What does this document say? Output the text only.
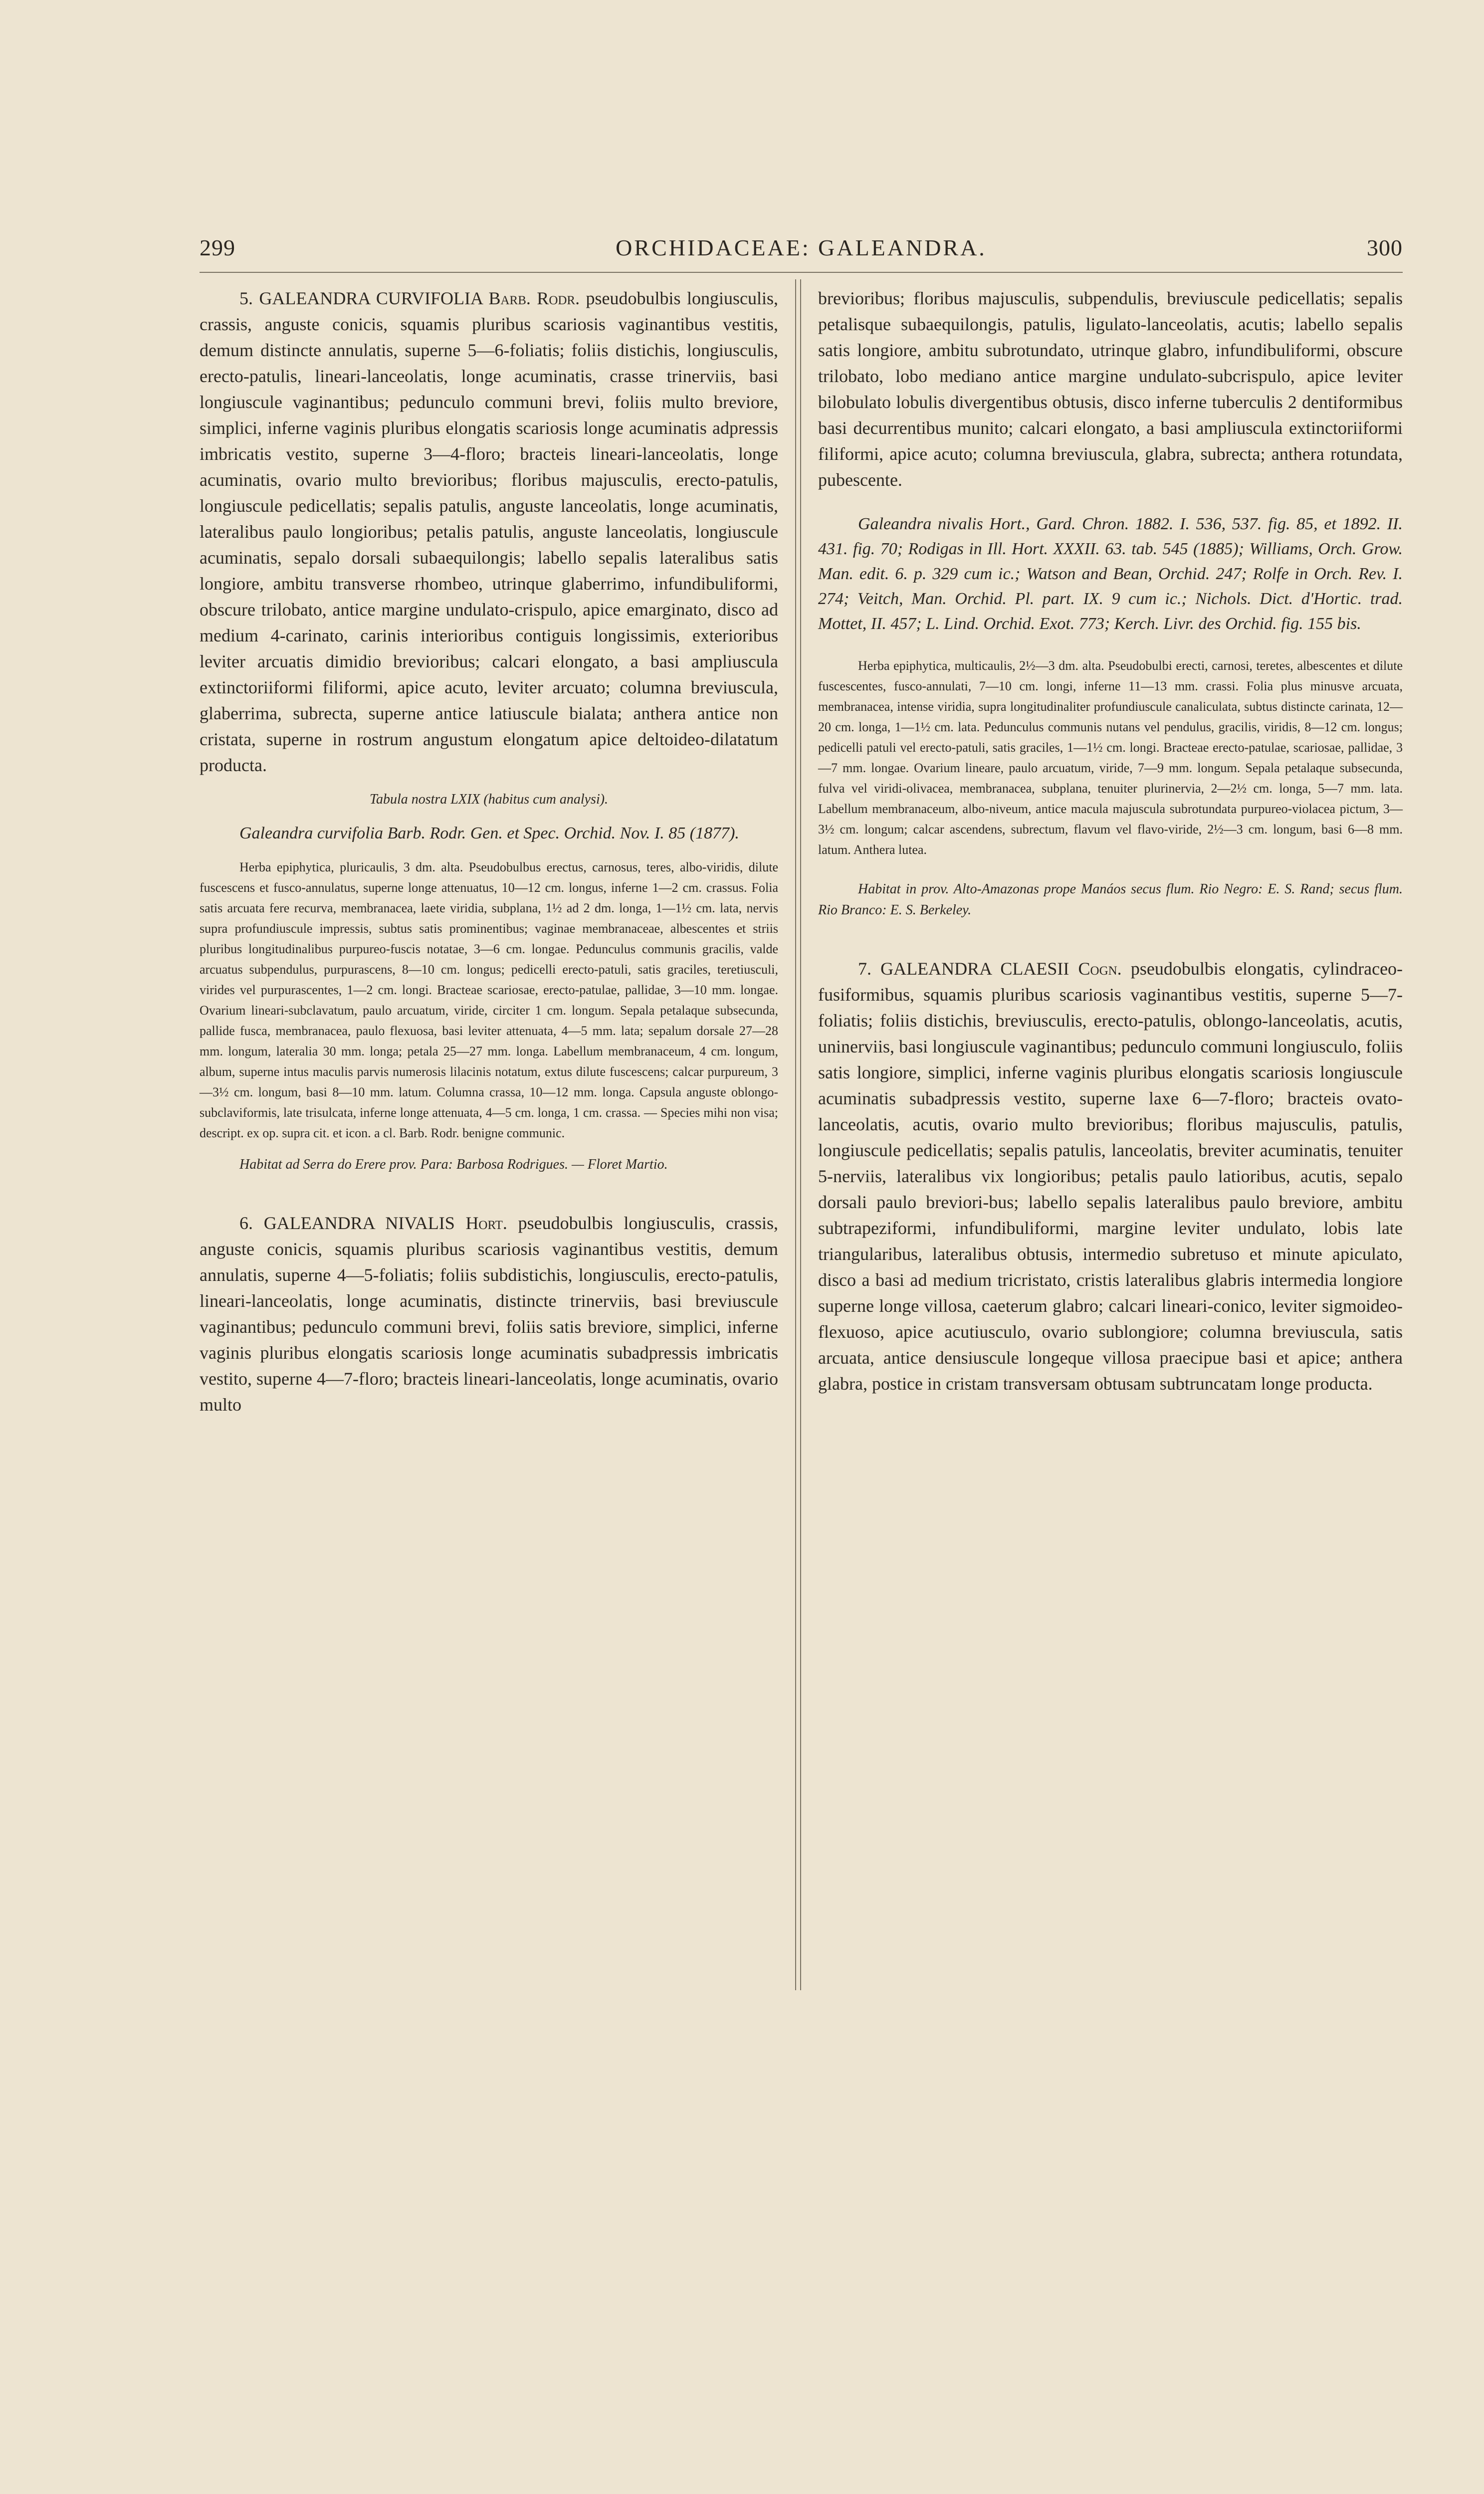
299	ORCHIDACEAE: GALEANDRA.	300

5. GALEANDRA CURVIFOLIA Barb. Rodr. pseudobulbis longiusculis, crassis, anguste conicis, squamis pluribus scariosis vaginantibus vestitis, demum distincte annulatis, superne 5—6-foliatis; foliis distichis, longiusculis, erecto-patulis, lineari-lanceolatis, longe acuminatis, crasse trinerviis, basi longiuscule vaginantibus; pedunculo communi brevi, foliis multo breviore, simplici, inferne vaginis pluribus elongatis scariosis longe acuminatis adpressis imbricatis vestito, superne 3—4-floro; bracteis lineari-lanceolatis, longe acuminatis, ovario multo brevioribus; floribus majusculis, erecto-patulis, longiuscule pedicellatis; sepalis patulis, anguste lanceolatis, longe acuminatis, lateralibus paulo longioribus; petalis patulis, anguste lanceolatis, longiuscule acuminatis, sepalo dorsali subaequilongis; labello sepalis lateralibus satis longiore, ambitu transverse rhombeo, utrinque glaberrimo, infundibuliformi, obscure trilobato, antice margine undulato-crispulo, apice emarginato, disco ad medium 4-carinato, carinis interioribus contiguis longissimis, exterioribus leviter arcuatis dimidio brevioribus; calcari elongato, a basi ampliuscula extinctoriiformi filiformi, apice acuto, leviter arcuato; columna breviuscula, glaberrima, subrecta, superne antice latiuscule bialata; anthera antice non cristata, superne in rostrum angustum elongatum apice deltoideo-dilatatum producta.

Tabula nostra LXIX (habitus cum analysi).

Galeandra curvifolia Barb. Rodr. Gen. et Spec. Orchid. Nov. I. 85 (1877).

Herba epiphytica, pluricaulis, 3 dm. alta. Pseudobulbus erectus, carnosus, teres, albo-viridis, dilute fuscescens et fusco-annulatus, superne longe attenuatus, 10—12 cm. longus, inferne 1—2 cm. crassus. Folia satis arcuata fere recurva, membranacea, laete viridia, subplana, 1½ ad 2 dm. longa, 1—1½ cm. lata, nervis supra profundiuscule impressis, subtus satis prominentibus; vaginae membranaceae, albescentes et striis pluribus longitudinalibus purpureo-fuscis notatae, 3—6 cm. longae. Pedunculus communis gracilis, valde arcuatus subpendulus, purpurascens, 8—10 cm. longus; pedicelli erecto-patuli, satis graciles, teretiusculi, virides vel purpurascentes, 1—2 cm. longi. Bracteae scariosae, erecto-patulae, pallidae, 3—10 mm. longae. Ovarium lineari-subclavatum, paulo arcuatum, viride, circiter 1 cm. longum. Sepala petalaque subsecunda, pallide fusca, membranacea, paulo flexuosa, basi leviter attenuata, 4—5 mm. lata; sepalum dorsale 27—28 mm. longum, lateralia 30 mm. longa; petala 25—27 mm. longa. Labellum membranaceum, 4 cm. longum, album, superne intus maculis parvis numerosis lilacinis notatum, extus dilute fuscescens; calcar purpureum, 3—3½ cm. longum, basi 8—10 mm. latum. Columna crassa, 10—12 mm. longa. Capsula anguste oblongo-subclaviformis, late trisulcata, inferne longe attenuata, 4—5 cm. longa, 1 cm. crassa. — Species mihi non visa; descript. ex op. supra cit. et icon. a cl. Barb. Rodr. benigne communic.

Habitat ad Serra do Erere prov. Para: Barbosa Rodrigues. — Floret Martio.

6. GALEANDRA NIVALIS Hort. pseudobulbis longiusculis, crassis, anguste conicis, squamis pluribus scariosis vaginantibus vestitis, demum annulatis, superne 4—5-foliatis; foliis subdistichis, longiusculis, erecto-patulis, lineari-lanceolatis, longe acuminatis, distincte trinerviis, basi breviuscule vaginantibus; pedunculo communi brevi, foliis satis breviore, simplici, inferne vaginis pluribus elongatis scariosis longe acuminatis subadpressis imbricatis vestito, superne 4—7-floro; bracteis lineari-lanceolatis, longe acuminatis, ovario multo

brevioribus; floribus majusculis, subpendulis, breviuscule pedicellatis; sepalis petalisque subaequilongis, patulis, ligulato-lanceolatis, acutis; labello sepalis satis longiore, ambitu subrotundato, utrinque glabro, infundibuliformi, obscure trilobato, lobo mediano antice margine undulato-subcrispulo, apice leviter bilobulato lobulis divergentibus obtusis, disco inferne tuberculis 2 dentiformibus basi decurrentibus munito; calcari elongato, a basi ampliuscula extinctoriiformi filiformi, apice acuto; columna breviuscula, glabra, subrecta; anthera rotundata, pubescente.

Galeandra nivalis Hort., Gard. Chron. 1882. I. 536, 537. fig. 85, et 1892. II. 431. fig. 70; Rodigas in Ill. Hort. XXXII. 63. tab. 545 (1885); Williams, Orch. Grow. Man. edit. 6. p. 329 cum ic.; Watson and Bean, Orchid. 247; Rolfe in Orch. Rev. I. 274; Veitch, Man. Orchid. Pl. part. IX. 9 cum ic.; Nichols. Dict. d'Hortic. trad. Mottet, II. 457; L. Lind. Orchid. Exot. 773; Kerch. Livr. des Orchid. fig. 155 bis.

Herba epiphytica, multicaulis, 2½—3 dm. alta. Pseudobulbi erecti, carnosi, teretes, albescentes et dilute fuscescentes, fusco-annulati, 7—10 cm. longi, inferne 11—13 mm. crassi. Folia plus minusve arcuata, membranacea, intense viridia, supra longitudinaliter profundiuscule canaliculata, subtus distincte carinata, 12—20 cm. longa, 1—1½ cm. lata. Pedunculus communis nutans vel pendulus, gracilis, viridis, 8—12 cm. longus; pedicelli patuli vel erecto-patuli, satis graciles, 1—1½ cm. longi. Bracteae erecto-patulae, scariosae, pallidae, 3—7 mm. longae. Ovarium lineare, paulo arcuatum, viride, 7—9 mm. longum. Sepala petalaque subsecunda, fulva vel viridi-olivacea, membranacea, subplana, tenuiter plurinervia, 2—2½ cm. longa, 5—7 mm. lata. Labellum membranaceum, albo-niveum, antice macula majuscula subrotundata purpureo-violacea pictum, 3—3½ cm. longum; calcar ascendens, subrectum, flavum vel flavo-viride, 2½—3 cm. longum, basi 6—8 mm. latum. Anthera lutea.

Habitat in prov. Alto-Amazonas prope Manáos secus flum. Rio Negro: E. S. Rand; secus flum. Rio Branco: E. S. Berkeley.

7. GALEANDRA CLAESII Cogn. pseudobulbis elongatis, cylindraceo-fusiformibus, squamis pluribus scariosis vaginantibus vestitis, superne 5—7-foliatis; foliis distichis, breviusculis, erecto-patulis, oblongo-lanceolatis, acutis, uninerviis, basi longiuscule vaginantibus; pedunculo communi longiusculo, foliis satis longiore, simplici, inferne vaginis pluribus elongatis scariosis longiuscule acuminatis subadpressis vestito, superne laxe 6—7-floro; bracteis ovato-lanceolatis, acutis, ovario multo brevioribus; floribus majusculis, patulis, longiuscule pedicellatis; sepalis patulis, lanceolatis, breviter acuminatis, tenuiter 5-nerviis, lateralibus vix longioribus; petalis paulo latioribus, acutis, sepalo dorsali paulo breviori-bus; labello sepalis lateralibus paulo breviore, ambitu subtrapeziformi, infundibuliformi, margine leviter undulato, lobis late triangularibus, lateralibus obtusis, intermedio subretuso et minute apiculato, disco a basi ad medium tricristato, cristis lateralibus glabris intermedia longiore superne longe villosa, caeterum glabro; calcari lineari-conico, leviter sigmoideo-flexuoso, apice acutiusculo, ovario sublongiore; columna breviuscula, satis arcuata, antice densiuscule longeque villosa praecipue basi et apice; anthera glabra, postice in cristam transversam obtusam subtruncatam longe producta.
